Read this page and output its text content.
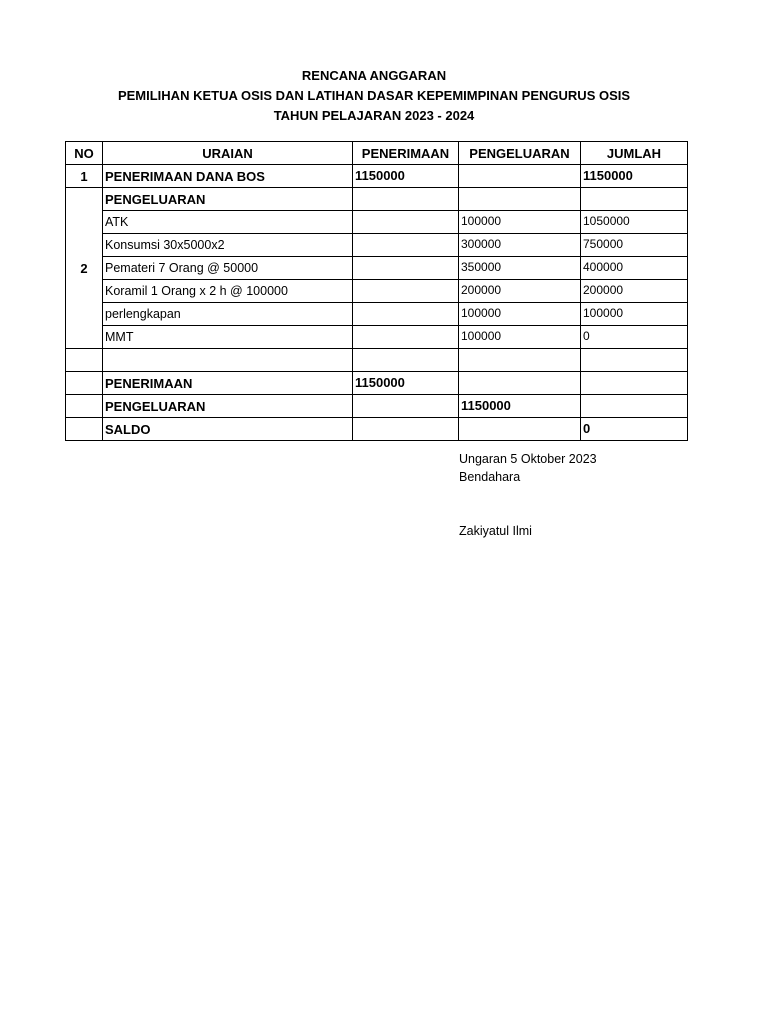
RENCANA ANGGARAN
PEMILIHAN KETUA OSIS DAN LATIHAN DASAR KEPEMIMPINAN PENGURUS OSIS
TAHUN PELAJARAN 2023 - 2024
NO	URAIAN	PENERIMAAN	PENGELUARAN	JUMLAH
1	PENERIMAAN DANA BOS	1150000		1150000
2	PENGELUARAN			
	ATK		100000	1050000
	Konsumsi 30x5000x2		300000	750000
	Pemateri 7 Orang @ 50000		350000	400000
	Koramil 1 Orang x 2 h @ 100000		200000	200000
	perlengkapan		100000	100000
	MMT		100000	0

	PENERIMAAN	1150000		
	PENGELUARAN		1150000	
	SALDO			0
Ungaran 5 Oktober 2023
Bendahara
Zakiyatul Ilmi
